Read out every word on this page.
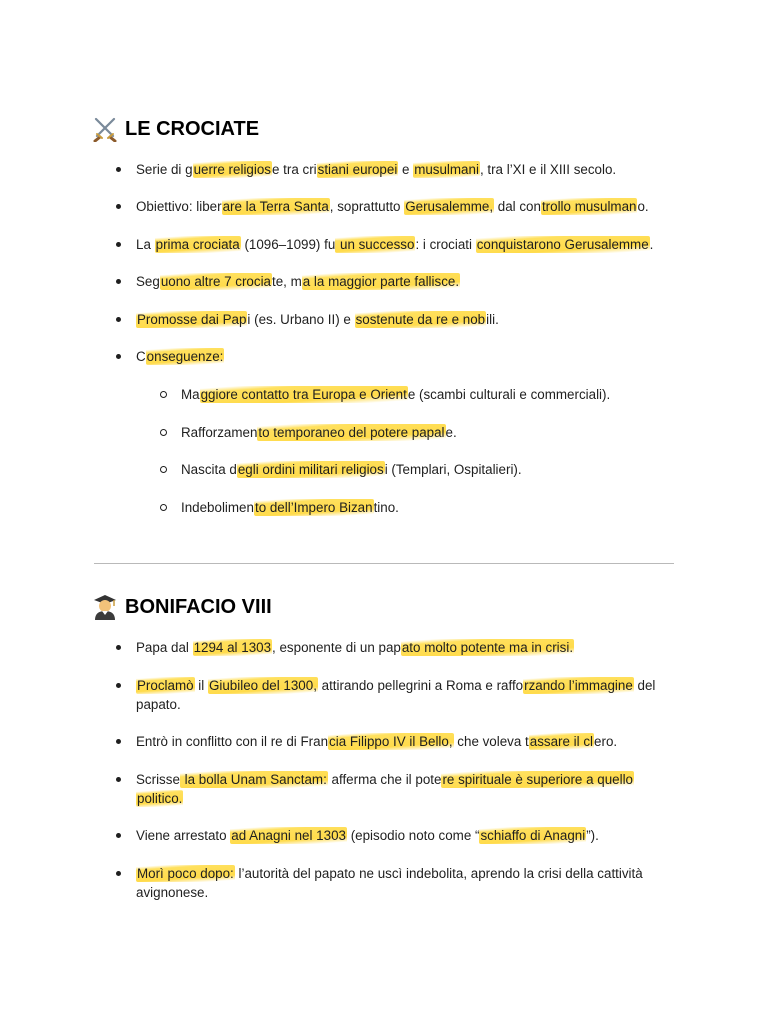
LE CROCIATE
Serie di guerre religiose tra cristiani europei e musulmani, tra l’XI e il XIII secolo.
Obiettivo: liberare la Terra Santa, soprattutto Gerusalemme, dal controllo musulmano.
La prima crociata (1096–1099) fu un successo: i crociati conquistarono Gerusalemme.
Seguono altre 7 crociate, ma la maggior parte fallisce.
Promosse dai Papi (es. Urbano II) e sostenute da re e nobili.
Conseguenze:
Maggiore contatto tra Europa e Oriente (scambi culturali e commerciali).
Rafforzamento temporaneo del potere papale.
Nascita degli ordini militari religiosi (Templari, Ospitalieri).
Indebolimento dell’Impero Bizantino.
BONIFACIO VIII
Papa dal 1294 al 1303, esponente di un papato molto potente ma in crisi.
Proclamò il Giubileo del 1300, attirando pellegrini a Roma e rafforzando l’immagine del papato.
Entrò in conflitto con il re di Francia Filippo IV il Bello, che voleva tassare il clero.
Scrisse la bolla Unam Sanctam: afferma che il potere spirituale è superiore a quello politico.
Viene arrestato ad Anagni nel 1303 (episodio noto come “schiaffo di Anagni”).
Morì poco dopo: l’autorità del papato ne uscì indebolita, aprendo la crisi della cattività avignonese.
